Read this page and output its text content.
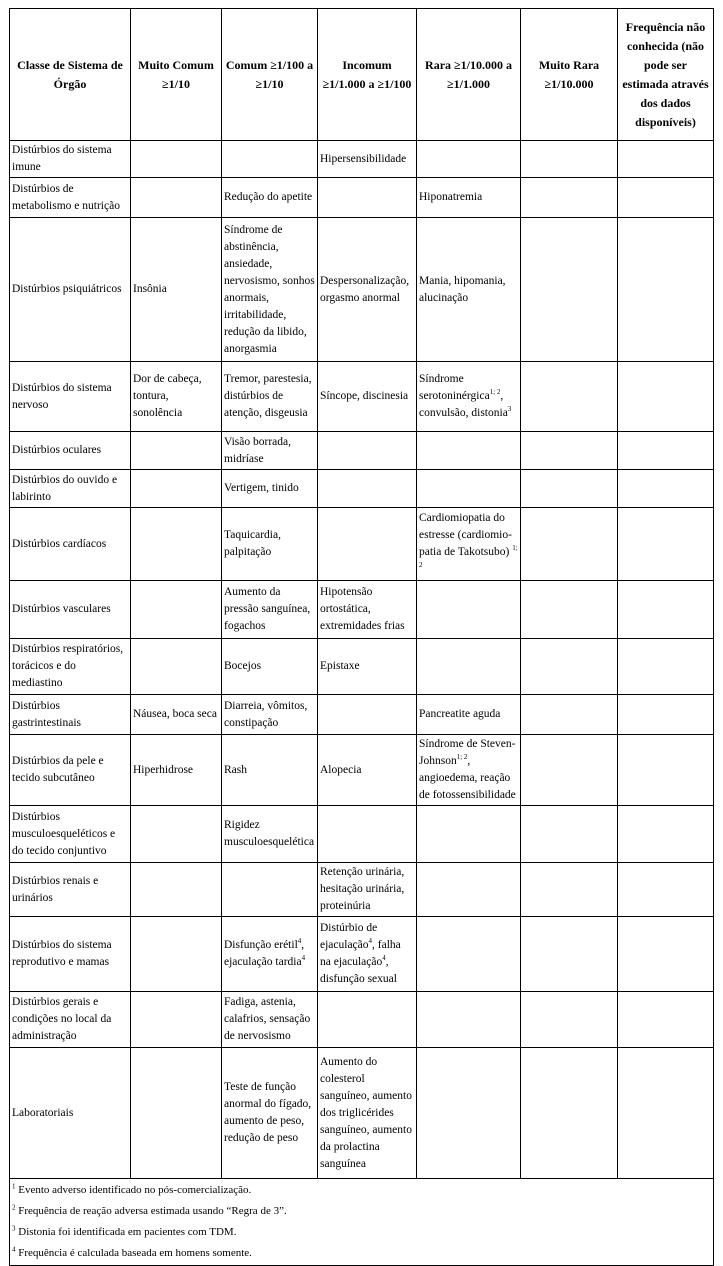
Classe de Sistema de Órgão	Muito Comum ≥1/10	Comum ≥1/100 a ≥1/10	Incomum ≥1/1.000 a ≥1/100	Rara ≥1/10.000 a ≥1/1.000	Muito Rara ≥1/10.000	Frequência não conhecida (não pode ser estimada através dos dados disponíveis)
Distúrbios do sistema imune			Hipersensibilidade			
Distúrbios de metabolismo e nutrição		Redução do apetite		Hiponatremia		
Distúrbios psiquiátricos	Insônia	Síndrome de abstinência, ansiedade, nervosismo, sonhos anormais, irritabilidade, redução da libido, anorgasmia	Despersonalização, orgasmo anormal	Mania, hipomania, alucinação		
Distúrbios do sistema nervoso	Dor de cabeça, tontura, sonolência	Tremor, parestesia, distúrbios de atenção, disgeusia	Síncope, discinesia	Síndrome serotoninérgica$^{1; 2}$, convulsão, distonia$^3$		
Distúrbios oculares		Visão borrada, midríase				
Distúrbios do ouvido e labirinto		Vertigem, tinido				
Distúrbios cardíacos		Taquicardia, palpitação		Cardiomiopatia do estresse (cardiomio-patia de Takotsubo) $^{1; 2}$		
Distúrbios vasculares		Aumento da pressão sanguínea, fogachos	Hipotensão ortostática, extremidades frias			
Distúrbios respiratórios, torácicos e do mediastino		Bocejos	Epistaxe			
Distúrbios gastrintestinais	Náusea, boca seca	Diarreia, vômitos, constipação		Pancreatite aguda		
Distúrbios da pele e tecido subcutâneo	Hiperhidrose	Rash	Alopecia	Síndrome de Steven-Johnson$^{1; 2}$, angioedema, reação de fotossensibilidade		
Distúrbios musculoesqueléticos e do tecido conjuntivo		Rigidez musculoesquelética				
Distúrbios renais e urinários			Retenção urinária, hesitação urinária, proteinúria			
Distúrbios do sistema reprodutivo e mamas		Disfunção erétil$^4$, ejaculação tardia$^4$	Distúrbio de ejaculação$^4$, falha na ejaculação$^4$, disfunção sexual			
Distúrbios gerais e condições no local da administração		Fadiga, astenia, calafrios, sensação de nervosismo				
Laboratoriais		Teste de função anormal do fígado, aumento de peso, redução de peso	Aumento do colesterol sanguíneo, aumento dos triglicérides sanguíneo, aumento da prolactina sanguínea			

$^1$ Evento adverso identificado no pós-comercialização.
$^2$ Frequência de reação adversa estimada usando “Regra de 3”.
$^3$ Distonia foi identificada em pacientes com TDM.
$^4$ Frequência é calculada baseada em homens somente.						
